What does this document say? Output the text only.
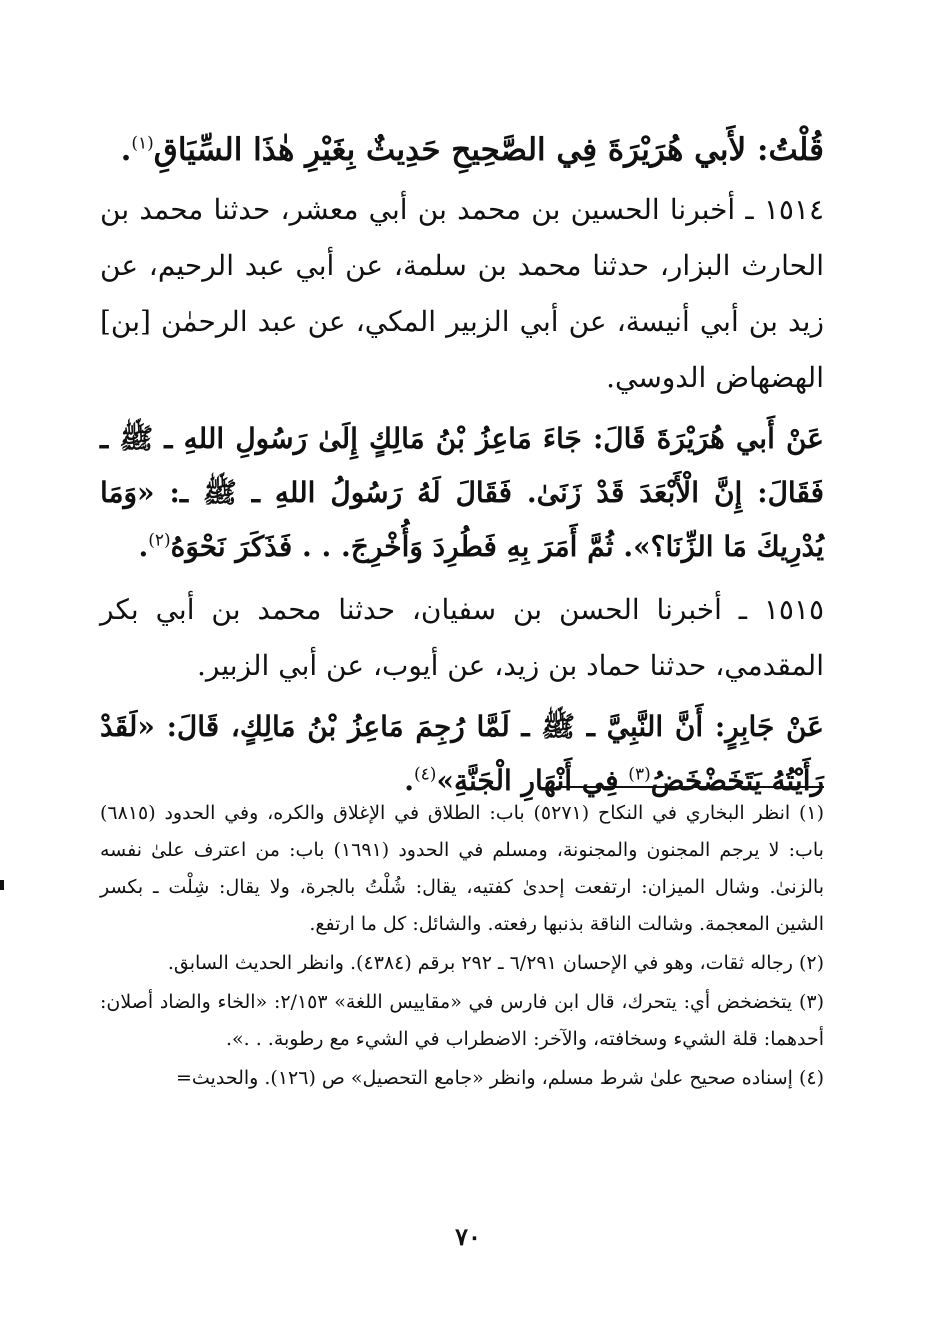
قُلْتُ: لأَبي هُرَيْرَةَ فِي الصَّحِيحِ حَدِيثٌ بِغَيْرِ هٰذَا السِّيَاقِ$^{(١)}$.

١٥١٤ ـ أخبرنا الحسين بن محمد بن أبي معشر، حدثنا محمد بن الحارث البزار، حدثنا محمد بن سلمة، عن أبي عبد الرحيم، عن زيد بن أبي أنيسة، عن أبي الزبير المكي، عن عبد الرحمٰن [بن] الهضهاض الدوسي.

عَنْ أَبي هُرَيْرَةَ قَالَ: جَاءَ مَاعِزُ بْنُ مَالِكٍ إِلَىٰ رَسُولِ اللهِ ـ ﷺ ـ فَقَالَ: إِنَّ الْأَبْعَدَ قَدْ زَنَىٰ. فَقَالَ لَهُ رَسُولُ اللهِ ـ ﷺ ـ: «وَمَا يُدْرِيكَ مَا الزِّنَا؟». ثُمَّ أَمَرَ بِهِ فَطُرِدَ وَأُخْرِجَ. . . فَذَكَرَ نَحْوَهُ$^{(٢)}$.

١٥١٥ ـ أخبرنا الحسن بن سفيان، حدثنا محمد بن أبي بكر المقدمي، حدثنا حماد بن زيد، عن أيوب، عن أبي الزبير.

عَنْ جَابِرٍ: أَنَّ النَّبِيَّ ـ ﷺ ـ لَمَّا رُجِمَ مَاعِزُ بْنُ مَالِكٍ، قَالَ: «لَقَدْ رَأَيْتُهُ يَتَخَضْخَضُ$^{(٣)}$ فِي أَنْهَارِ الْجَنَّةِ»$^{(٤)}$.

(١) انظر البخاري في النكاح (٥٢٧١) باب: الطلاق في الإغلاق والكره، وفي الحدود (٦٨١٥) باب: لا يرجم المجنون والمجنونة، ومسلم في الحدود (١٦٩١) باب: من اعترف علىٰ نفسه بالزنىٰ. وشال الميزان: ارتفعت إحدىٰ كفتيه، يقال: شُلْتُ بالجرة، ولا يقال: شِلْت ـ بكسر الشين المعجمة. وشالت الناقة بذنبها رفعته. والشائل: كل ما ارتفع.

(٢) رجاله ثقات، وهو في الإحسان ٦/٢٩١ ـ ٢٩٢ برقم (٤٣٨٤). وانظر الحديث السابق.

(٣) يتخضخض أي: يتحرك، قال ابن فارس في «مقاييس اللغة» ٢/١٥٣: «الخاء والضاد أصلان: أحدهما: قلة الشيء وسخافته، والآخر: الاضطراب في الشيء مع رطوبة. . .».

(٤) إسناده صحيح علىٰ شرط مسلم، وانظر «جامع التحصيل» ص (١٢٦). والحديث=

٧٠
